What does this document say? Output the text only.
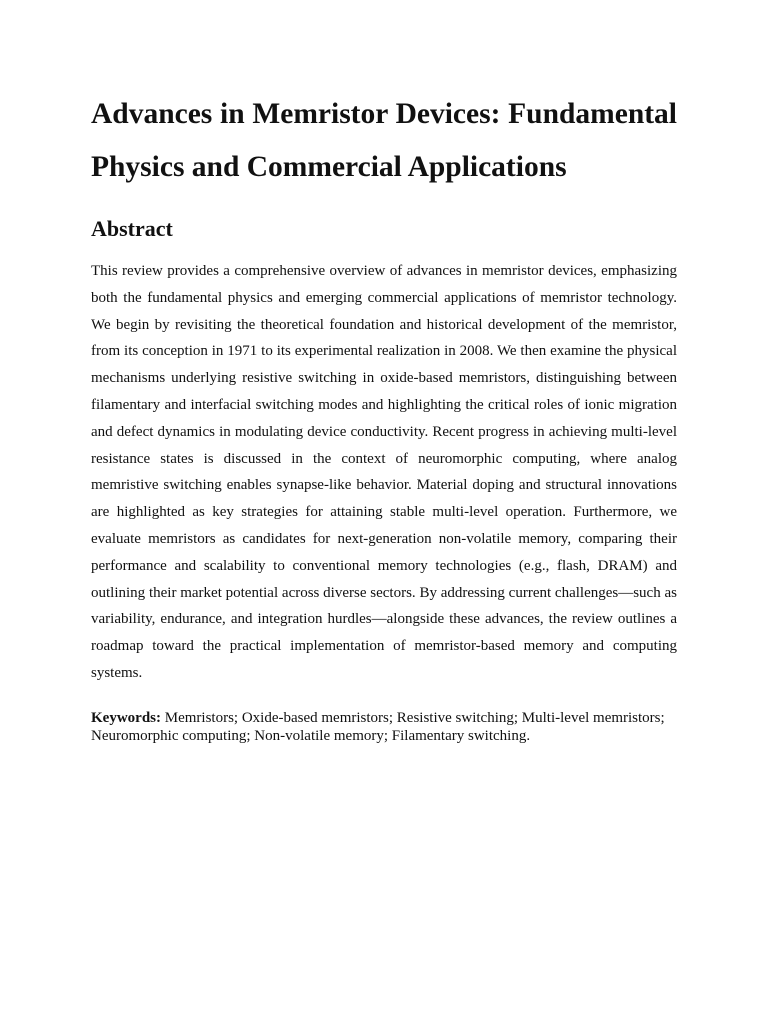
Advances in Memristor Devices: Fundamental Physics and Commercial Applications
Abstract

This review provides a comprehensive overview of advances in memristor devices, emphasizing both the fundamental physics and emerging commercial applications of memristor technology. We begin by revisiting the theoretical foundation and historical development of the memristor, from its conception in 1971 to its experimental realization in 2008. We then examine the physical mechanisms underlying resistive switching in oxide-based memristors, distinguishing between filamentary and interfacial switching modes and highlighting the critical roles of ionic migration and defect dynamics in modulating device conductivity. Recent progress in achieving multi-level resistance states is discussed in the context of neuromorphic computing, where analog memristive switching enables synapse-like behavior. Material doping and structural innovations are highlighted as key strategies for attaining stable multi-level operation. Furthermore, we evaluate memristors as candidates for next-generation non-volatile memory, comparing their performance and scalability to conventional memory technologies (e.g., flash, DRAM) and outlining their market potential across diverse sectors. By addressing current challenges—such as variability, endurance, and integration hurdles—alongside these advances, the review outlines a roadmap toward the practical implementation of memristor-based memory and computing systems.

Keywords: Memristors; Oxide-based memristors; Resistive switching; Multi-level memristors; Neuromorphic computing; Non-volatile memory; Filamentary switching.
